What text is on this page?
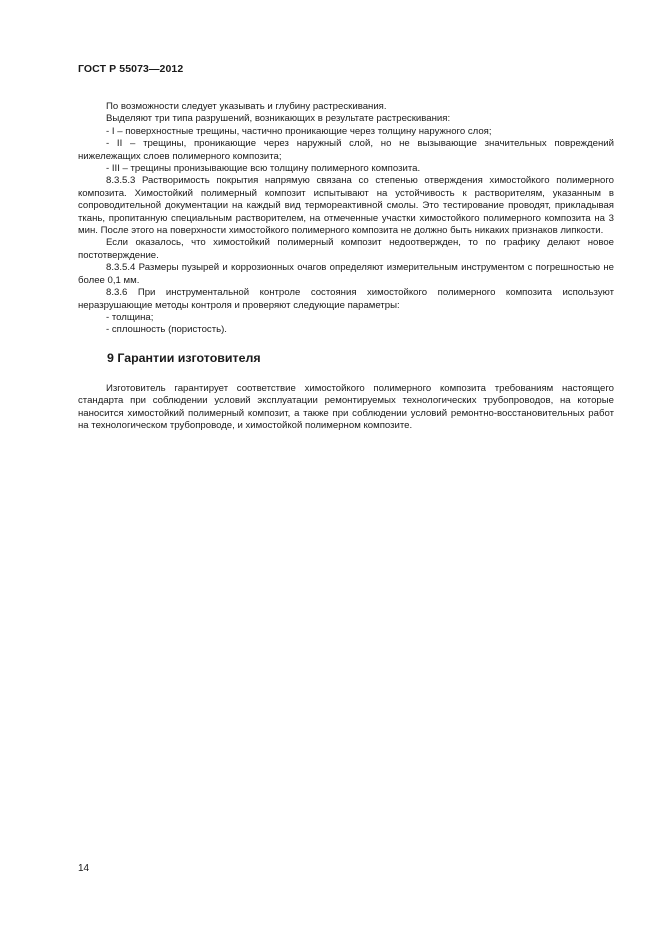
ГОСТ Р 55073—2012

По возможности следует указывать и глубину растрескивания.

Выделяют три типа разрушений, возникающих в результате растрескивания:

- I – поверхностные трещины, частично проникающие через толщину наружного слоя;

- II – трещины, проникающие через наружный слой, но не вызывающие значительных повреждений нижележащих слоев полимерного композита;

- III – трещины пронизывающие всю толщину полимерного композита.

8.3.5.3 Растворимость покрытия напрямую связана со степенью отверждения химостойкого полимерного композита. Химостойкий полимерный композит испытывают на устойчивость к растворителям, указанным в сопроводительной документации на каждый вид термореактивной смолы. Это тестирование проводят, прикладывая ткань, пропитанную специальным растворителем, на отмеченные участки химостойкого полимерного композита на 3 мин. После этого на поверхности химостойкого полимерного композита не должно быть никаких признаков липкости.

Если оказалось, что химостойкий полимерный композит недоотвержден, то по графику делают новое постотверждение.

8.3.5.4 Размеры пузырей и коррозионных очагов определяют измерительным инструментом с погрешностью не более 0,1 мм.

8.3.6 При инструментальной контроле состояния химостойкого полимерного композита используют неразрушающие методы контроля и проверяют следующие параметры:

- толщина;

- сплошность (пористость).

9 Гарантии изготовителя

Изготовитель гарантирует соответствие химостойкого полимерного композита требованиям настоящего стандарта при соблюдении условий эксплуатации ремонтируемых технологических трубопроводов, на которые наносится химостойкий полимерный композит, а также при соблюдении условий ремонтно-восстановительных работ на технологическом трубопроводе, и химостойкой полимерном композите.

14
